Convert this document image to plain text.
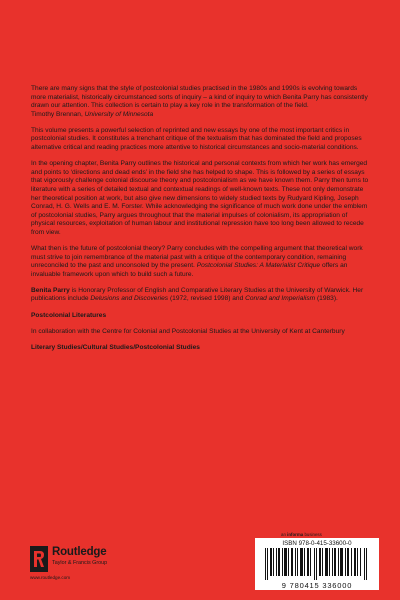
There are many signs that the style of postcolonial studies practised in the 1980s and 1990s is evolving towards more materialist, historically circumstanced sorts of inquiry – a kind of inquiry to which Benita Parry has consistently drawn our attention. This collection is certain to play a key role in the transformation of the field.
Timothy Brennan, University of Minnesota

This volume presents a powerful selection of reprinted and new essays by one of the most important critics in postcolonial studies. It constitutes a trenchant critique of the textualism that has dominated the field and proposes alternative critical and reading practices more attentive to historical circumstances and socio-material conditions.

In the opening chapter, Benita Parry outlines the historical and personal contexts from which her work has emerged and points to ‘directions and dead ends’ in the field she has helped to shape. This is followed by a series of essays that vigorously challenge colonial discourse theory and postcolonialism as we have known them. Parry then turns to literature with a series of detailed textual and contextual readings of well-known texts. These not only demonstrate her theoretical position at work, but also give new dimensions to widely studied texts by Rudyard Kipling, Joseph Conrad, H. G. Wells and E. M. Forster. While acknowledging the significance of much work done under the emblem of postcolonial studies, Parry argues throughout that the material impulses of colonialism, its appropriation of physical resources, exploitation of human labour and institutional repression have too long been allowed to recede from view.

What then is the future of postcolonial theory? Parry concludes with the compelling argument that theoretical work must strive to join remembrance of the material past with a critique of the contemporary condition, remaining unreconciled to the past and unconsoled by the present. Postcolonial Studies: A Materialist Critique offers an invaluable framework upon which to build such a future.

Benita Parry is Honorary Professor of English and Comparative Literary Studies at the University of Warwick. Her publications include Delusions and Discoveries (1972, revised 1998) and Conrad and Imperialism (1983).

Postcolonial Literatures

In collaboration with the Centre for Colonial and Postcolonial Studies at the University of Kent at Canterbury

Literary Studies/Cultural Studies/Postcolonial Studies

an informa business
ISBN 978-0-415-33600-0
9 780415 336000
Routledge
Taylor & Francis Group
www.routledge.com
